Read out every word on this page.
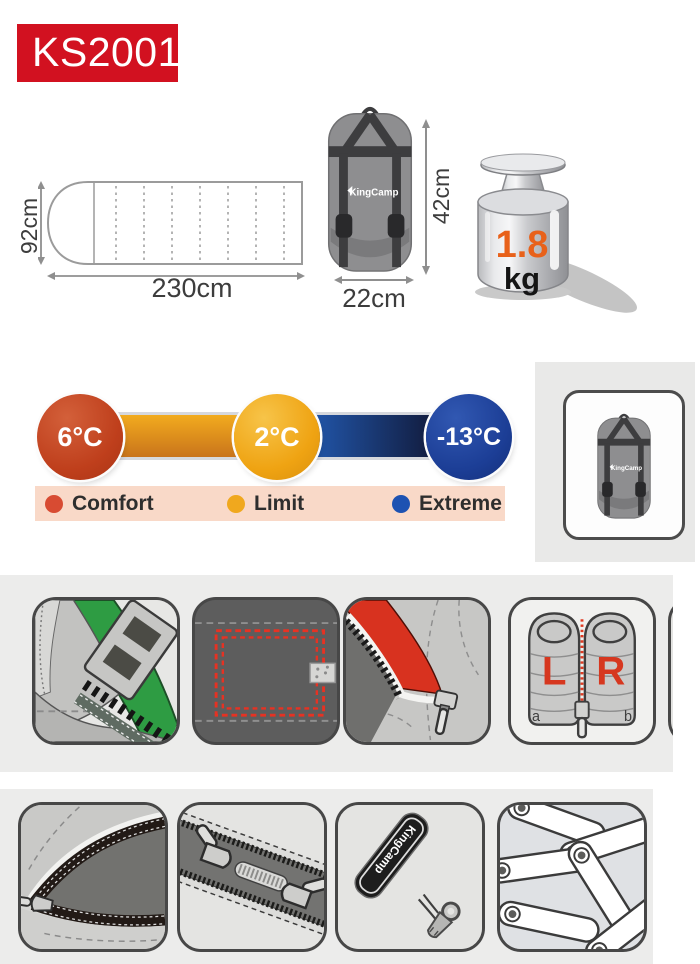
KS2001
92cm
230cm
42cm
22cm
1.8
kg
6°C	2°C	-13°C
Comfort	Limit	Extreme
L R
a	b
KingCamp
